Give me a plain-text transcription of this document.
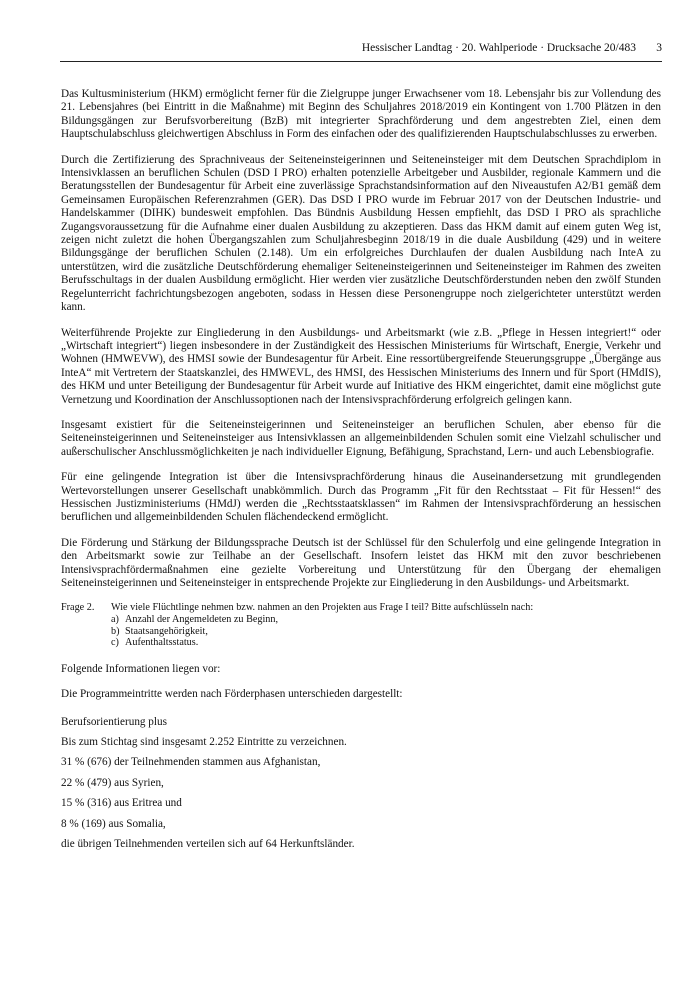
Hessischer Landtag · 20. Wahlperiode · Drucksache 20/483 3

Das Kultusministerium (HKM) ermöglicht ferner für die Zielgruppe junger Erwachsener vom 18. Lebensjahr bis zur Vollendung des 21. Lebensjahres (bei Eintritt in die Maßnahme) mit Beginn des Schuljahres 2018/2019 ein Kontingent von 1.700 Plätzen in den Bildungsgängen zur Berufsvorbereitung (BzB) mit integrierter Sprachförderung und dem angestrebten Ziel, einen dem Hauptschulabschluss gleichwertigen Abschluss in Form des einfachen oder des qualifizierenden Hauptschulabschlusses zu erwerben.

Durch die Zertifizierung des Sprachniveaus der Seiteneinsteigerinnen und Seiteneinsteiger mit dem Deutschen Sprachdiplom in Intensivklassen an beruflichen Schulen (DSD I PRO) erhalten potenzielle Arbeitgeber und Ausbilder, regionale Kammern und die Beratungsstellen der Bundesagentur für Arbeit eine zuverlässige Sprachstandsinformation auf den Niveaustufen A2/B1 gemäß dem Gemeinsamen Europäischen Referenzrahmen (GER). Das DSD I PRO wurde im Februar 2017 von der Deutschen Industrie- und Handelskammer (DIHK) bundesweit empfohlen. Das Bündnis Ausbildung Hessen empfiehlt, das DSD I PRO als sprachliche Zugangsvoraussetzung für die Aufnahme einer dualen Ausbildung zu akzeptieren. Dass das HKM damit auf einem guten Weg ist, zeigen nicht zuletzt die hohen Übergangszahlen zum Schuljahresbeginn 2018/19 in die duale Ausbildung (429) und in weitere Bildungsgänge der beruflichen Schulen (2.148). Um ein erfolgreiches Durchlaufen der dualen Ausbildung nach InteA zu unterstützen, wird die zusätzliche Deutschförderung ehemaliger Seiteneinsteigerinnen und Seiteneinsteiger im Rahmen des zweiten Berufsschultags in der dualen Ausbildung ermöglicht. Hier werden vier zusätzliche Deutschförderstunden neben den zwölf Stunden Regelunterricht fachrichtungsbezogen angeboten, sodass in Hessen diese Personengruppe noch zielgerichteter unterstützt werden kann.

Weiterführende Projekte zur Eingliederung in den Ausbildungs- und Arbeitsmarkt (wie z.B. „Pflege in Hessen integriert!“ oder „Wirtschaft integriert“) liegen insbesondere in der Zuständigkeit des Hessischen Ministeriums für Wirtschaft, Energie, Verkehr und Wohnen (HMWEVW), des HMSI sowie der Bundesagentur für Arbeit. Eine ressortübergreifende Steuerungsgruppe „Übergänge aus InteA“ mit Vertretern der Staatskanzlei, des HMWEVL, des HMSI, des Hessischen Ministeriums des Innern und für Sport (HMdIS), des HKM und unter Beteiligung der Bundesagentur für Arbeit wurde auf Initiative des HKM eingerichtet, damit eine möglichst gute Vernetzung und Koordination der Anschlussoptionen nach der Intensivsprachförderung erfolgreich gelingen kann.

Insgesamt existiert für die Seiteneinsteigerinnen und Seiteneinsteiger an beruflichen Schulen, aber ebenso für die Seiteneinsteigerinnen und Seiteneinsteiger aus Intensivklassen an allgemeinbildenden Schulen somit eine Vielzahl schulischer und außerschulischer Anschlussmöglichkeiten je nach individueller Eignung, Befähigung, Sprachstand, Lern- und auch Lebensbiografie.

Für eine gelingende Integration ist über die Intensivsprachförderung hinaus die Auseinandersetzung mit grundlegenden Wertevorstellungen unserer Gesellschaft unabkömmlich. Durch das Programm „Fit für den Rechtsstaat – Fit für Hessen!“ des Hessischen Justizministeriums (HMdJ) werden die „Rechtsstaatsklassen“ im Rahmen der Intensivsprachförderung an hessischen beruflichen und allgemeinbildenden Schulen flächendeckend ermöglicht.

Die Förderung und Stärkung der Bildungssprache Deutsch ist der Schlüssel für den Schulerfolg und eine gelingende Integration in den Arbeitsmarkt sowie zur Teilhabe an der Gesellschaft. Insofern leistet das HKM mit den zuvor beschriebenen Intensivsprachfördermaßnahmen eine gezielte Vorbereitung und Unterstützung für den Übergang der ehemaligen Seiteneinsteigerinnen und Seiteneinsteiger in entsprechende Projekte zur Eingliederung in den Ausbildungs- und Arbeitsmarkt.

Frage 2.	Wie viele Flüchtlinge nehmen bzw. nahmen an den Projekten aus Frage I teil? Bitte aufschlüsseln nach:
a) Anzahl der Angemeldeten zu Beginn,
b) Staatsangehörigkeit,
c) Aufenthaltsstatus.

Folgende Informationen liegen vor:

Die Programmeintritte werden nach Förderphasen unterschieden dargestellt:

Berufsorientierung plus
Bis zum Stichtag sind insgesamt 2.252 Eintritte zu verzeichnen.
31 % (676) der Teilnehmenden stammen aus Afghanistan,
22 % (479) aus Syrien,
15 % (316) aus Eritrea und
8 % (169) aus Somalia,
die übrigen Teilnehmenden verteilen sich auf 64 Herkunftsländer.
